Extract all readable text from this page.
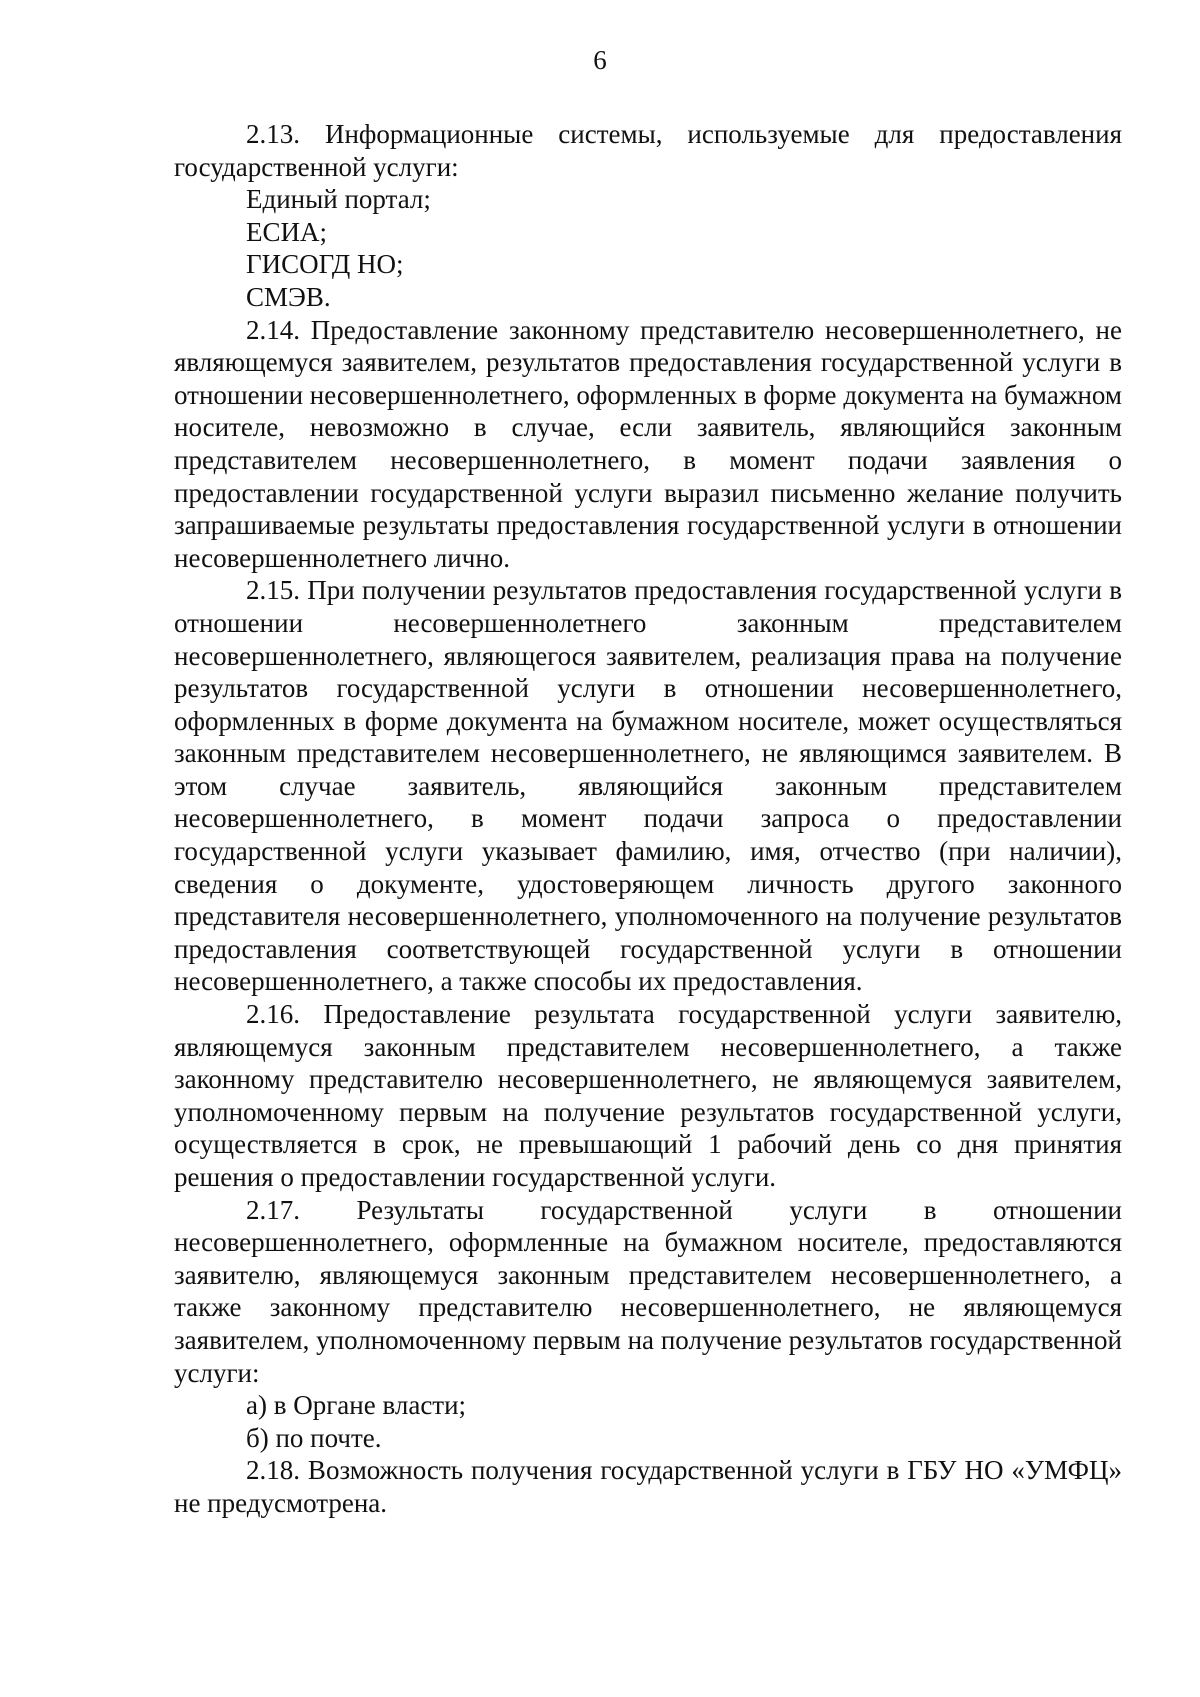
6

2.13. Информационные системы, используемые для предоставления государственной услуги:

Единый портал;

ЕСИА;

ГИСОГД НО;

СМЭВ.

2.14. Предоставление законному представителю несовершеннолетнего, не являющемуся заявителем, результатов предоставления государственной услуги в отношении несовершеннолетнего, оформленных в форме документа на бумажном носителе, невозможно в случае, если заявитель, являющийся законным представителем несовершеннолетнего, в момент подачи заявления о предоставлении государственной услуги выразил письменно желание получить запрашиваемые результаты предоставления государственной услуги в отношении несовершеннолетнего лично.

2.15. При получении результатов предоставления государственной услуги в отношении несовершеннолетнего законным представителем несовершеннолетнего, являющегося заявителем, реализация права на получение результатов государственной услуги в отношении несовершеннолетнего, оформленных в форме документа на бумажном носителе, может осуществляться законным представителем несовершеннолетнего, не являющимся заявителем. В этом случае заявитель, являющийся законным представителем несовершеннолетнего, в момент подачи запроса о предоставлении государственной услуги указывает фамилию, имя, отчество (при наличии), сведения о документе, удостоверяющем личность другого законного представителя несовершеннолетнего, уполномоченного на получение результатов предоставления соответствующей государственной услуги в отношении несовершеннолетнего, а также способы их предоставления.

2.16. Предоставление результата государственной услуги заявителю, являющемуся законным представителем несовершеннолетнего, а также законному представителю несовершеннолетнего, не являющемуся заявителем, уполномоченному первым на получение результатов государственной услуги, осуществляется в срок, не превышающий 1 рабочий день со дня принятия решения о предоставлении государственной услуги.

2.17. Результаты государственной услуги в отношении несовершеннолетнего, оформленные на бумажном носителе, предоставляются заявителю, являющемуся законным представителем несовершеннолетнего, а также законному представителю несовершеннолетнего, не являющемуся заявителем, уполномоченному первым на получение результатов государственной услуги:

а) в Органе власти;

б) по почте.

2.18. Возможность получения государственной услуги в ГБУ НО «УМФЦ» не предусмотрена.
